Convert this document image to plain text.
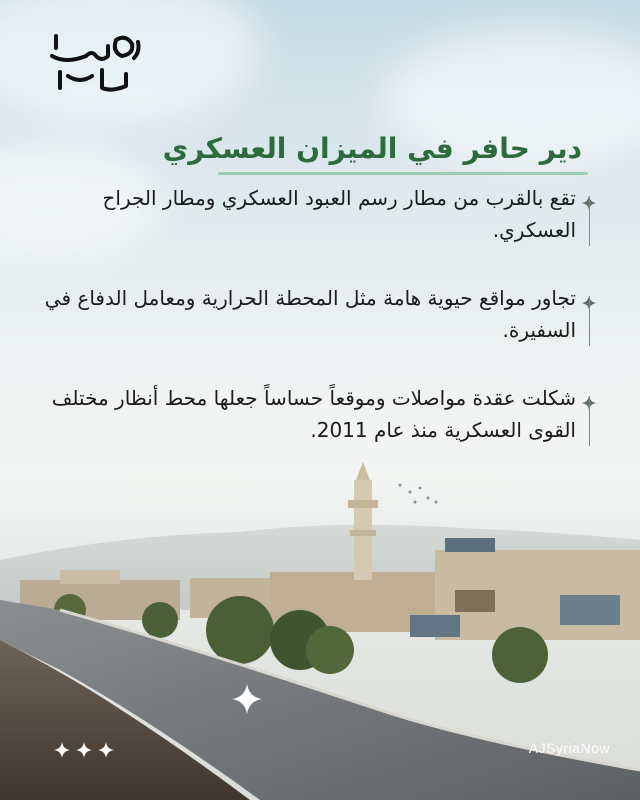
دير حافر في الميزان العسكري

تقع بالقرب من مطار رسم العبود العسكري ومطار الجراح العسكري.

تجاور مواقع حيوية هامة مثل المحطة الحرارية ومعامل الدفاع في السفيرة.

شكلت عقدة مواصلات وموقعاً حساساً جعلها محط أنظار مختلف القوى العسكرية منذ عام 2011.

AJSyriaNow
